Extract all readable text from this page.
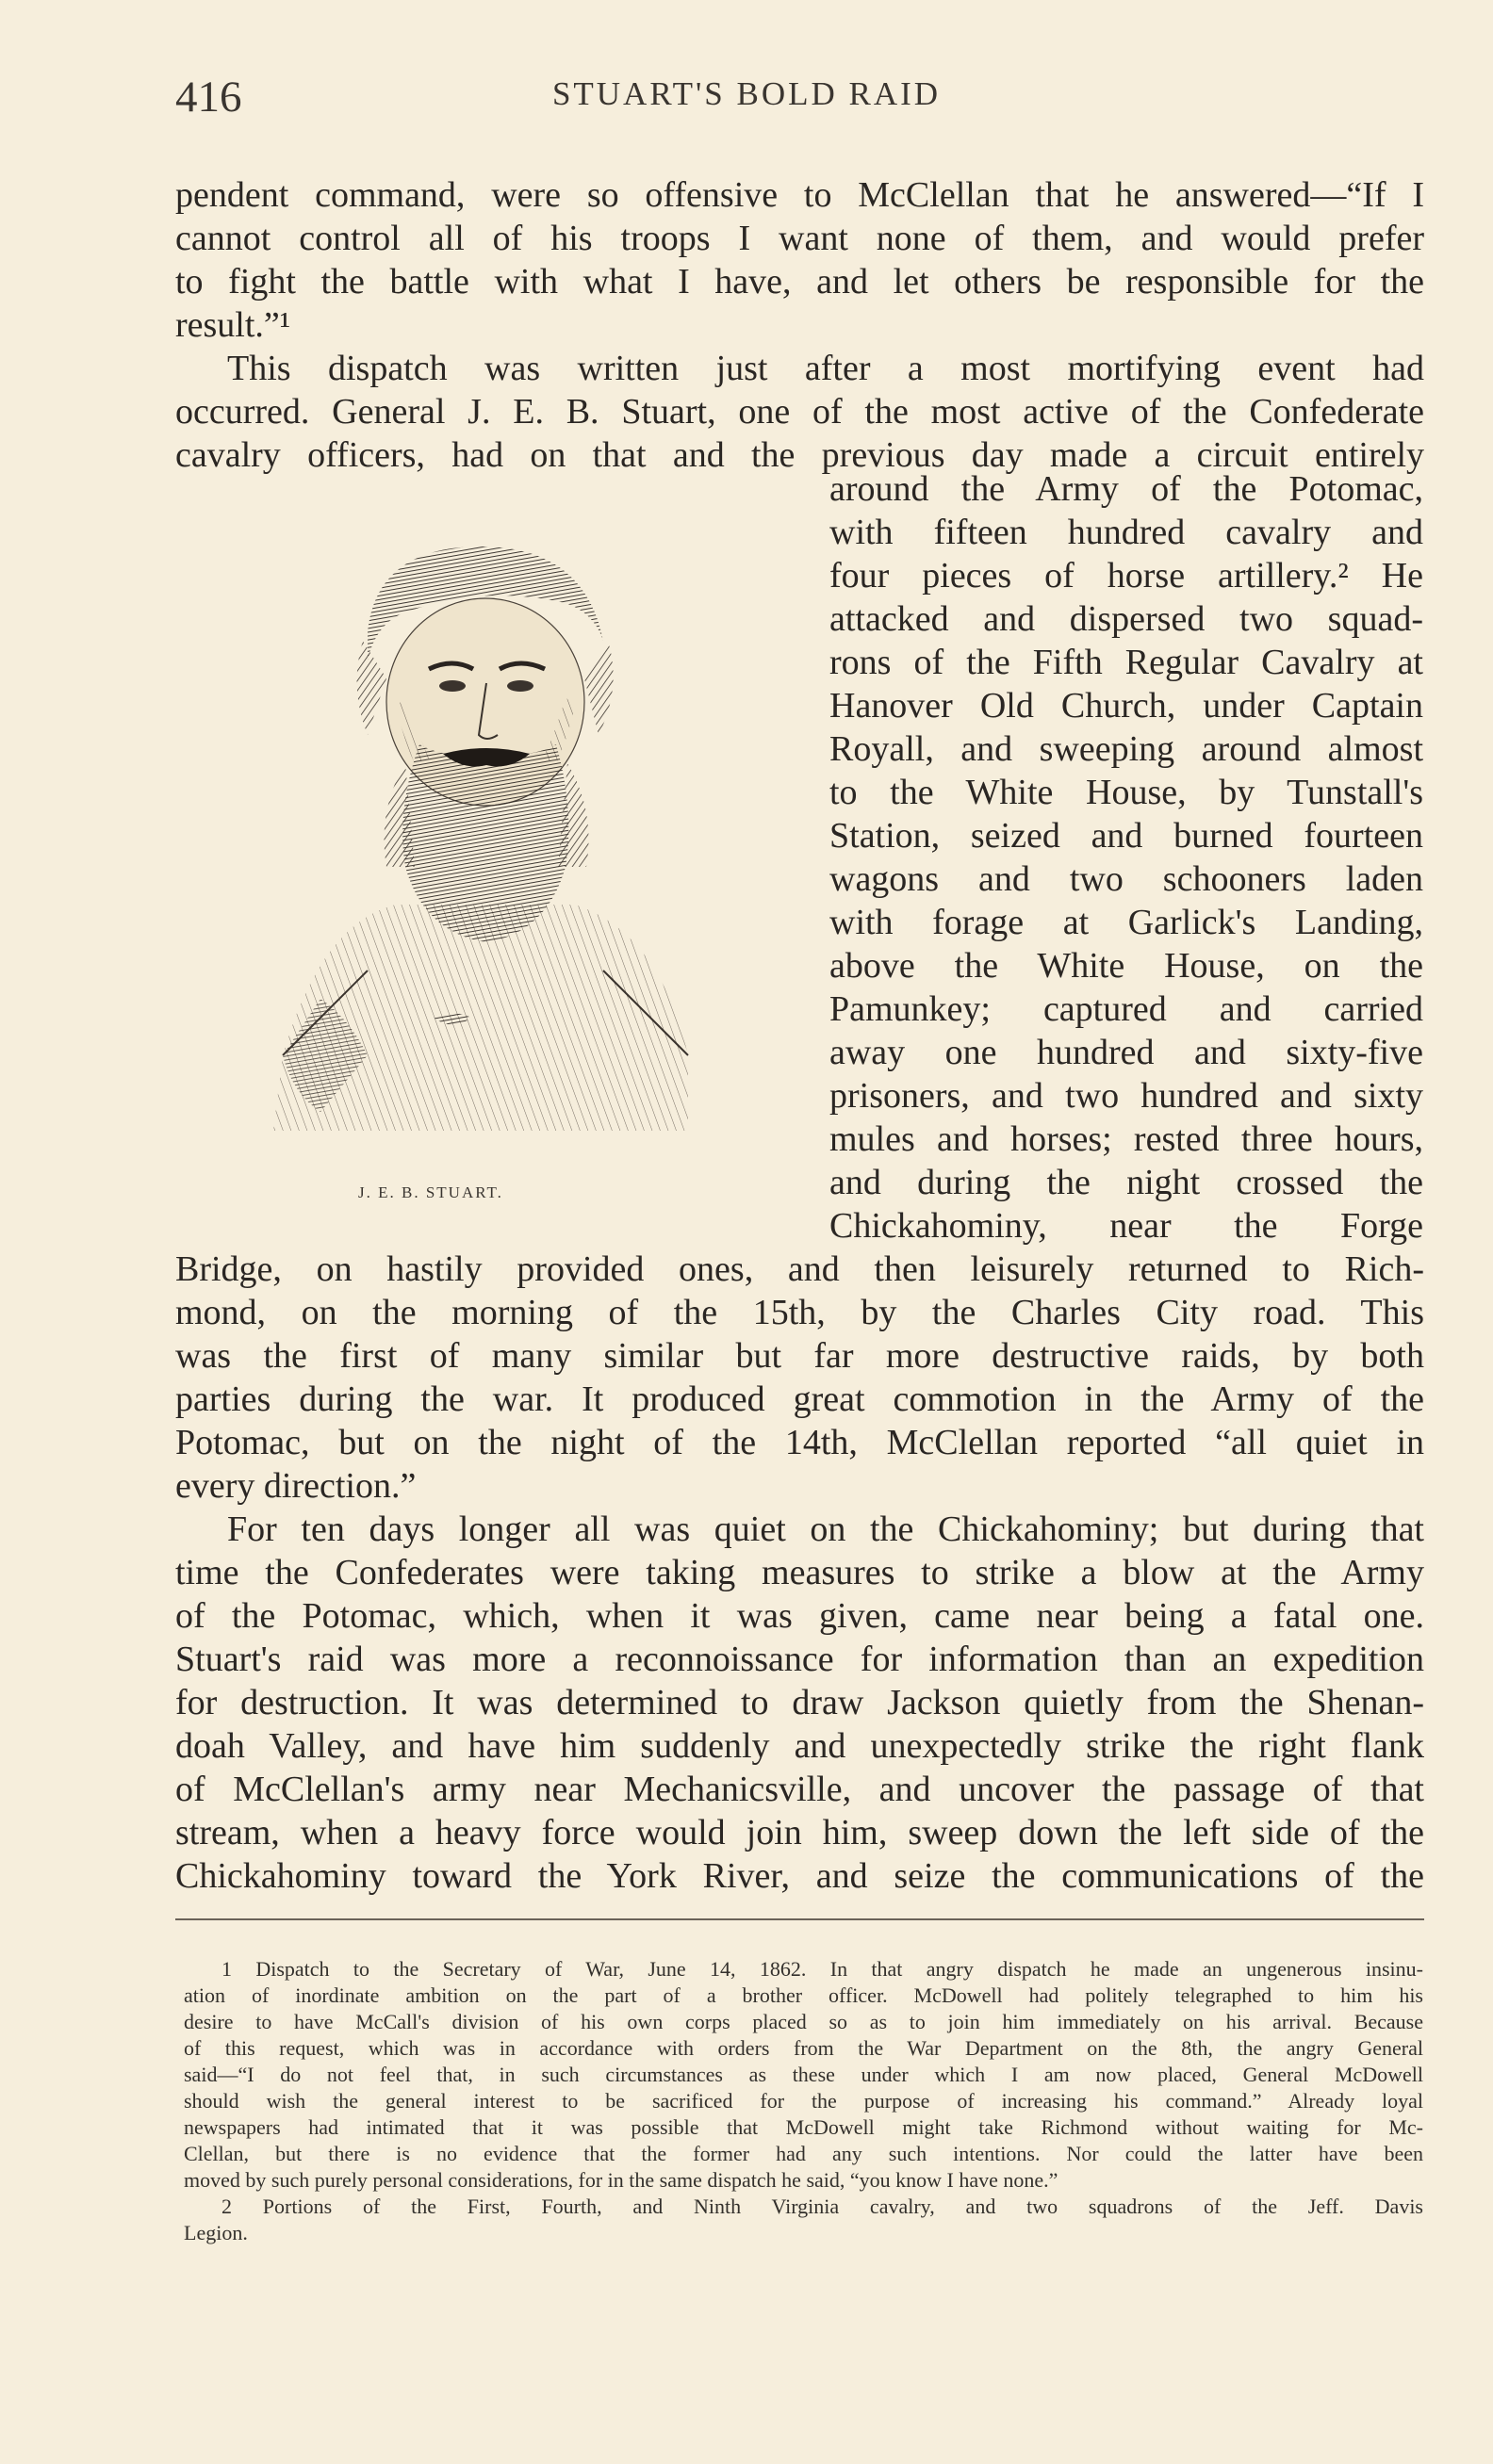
416	STUART'S BOLD RAID
pendent command, were so offensive to McClellan that he answered—“If I
cannot control all of his troops I want none of them, and would prefer
to fight the battle with what I have, and let others be responsible for the
result.”¹
This dispatch was written just after a most mortifying event had
occurred. General J. E. B. Stuart, one of the most active of the Confederate
cavalry officers, had on that and the previous day made a circuit entirely
around the Army of the Potomac,
with fifteen hundred cavalry and
four pieces of horse artillery.² He
attacked and dispersed two squad-
rons of the Fifth Regular Cavalry at
Hanover Old Church, under Captain
Royall, and sweeping around almost
to the White House, by Tunstall's
Station, seized and burned fourteen
wagons and two schooners laden
with forage at Garlick's Landing,
above the White House, on the
Pamunkey; captured and carried
away one hundred and sixty-five
prisoners, and two hundred and sixty
mules and horses; rested three hours,
and during the night crossed the
Chickahominy, near the Forge
Bridge, on hastily provided ones, and then leisurely returned to Rich-
mond, on the morning of the 15th, by the Charles City road. This
was the first of many similar but far more destructive raids, by both
parties during the war. It produced great commotion in the Army of the
Potomac, but on the night of the 14th, McClellan reported “all quiet in
every direction.”
For ten days longer all was quiet on the Chickahominy; but during that
time the Confederates were taking measures to strike a blow at the Army
of the Potomac, which, when it was given, came near being a fatal one.
Stuart's raid was more a reconnoissance for information than an expedition
for destruction. It was determined to draw Jackson quietly from the Shenan-
doah Valley, and have him suddenly and unexpectedly strike the right flank
of McClellan's army near Mechanicsville, and uncover the passage of that
stream, when a heavy force would join him, sweep down the left side of the
Chickahominy toward the York River, and seize the communications of the
J. E. B. STUART.
1 Dispatch to the Secretary of War, June 14, 1862. In that angry dispatch he made an ungenerous insinu-
ation of inordinate ambition on the part of a brother officer. McDowell had politely telegraphed to him his
desire to have McCall's division of his own corps placed so as to join him immediately on his arrival. Because
of this request, which was in accordance with orders from the War Department on the 8th, the angry General
said—“I do not feel that, in such circumstances as these under which I am now placed, General McDowell
should wish the general interest to be sacrificed for the purpose of increasing his command.” Already loyal
newspapers had intimated that it was possible that McDowell might take Richmond without waiting for Mc-
Clellan, but there is no evidence that the former had any such intentions. Nor could the latter have been
moved by such purely personal considerations, for in the same dispatch he said, “you know I have none.”
2 Portions of the First, Fourth, and Ninth Virginia cavalry, and two squadrons of the Jeff. Davis
Legion.
